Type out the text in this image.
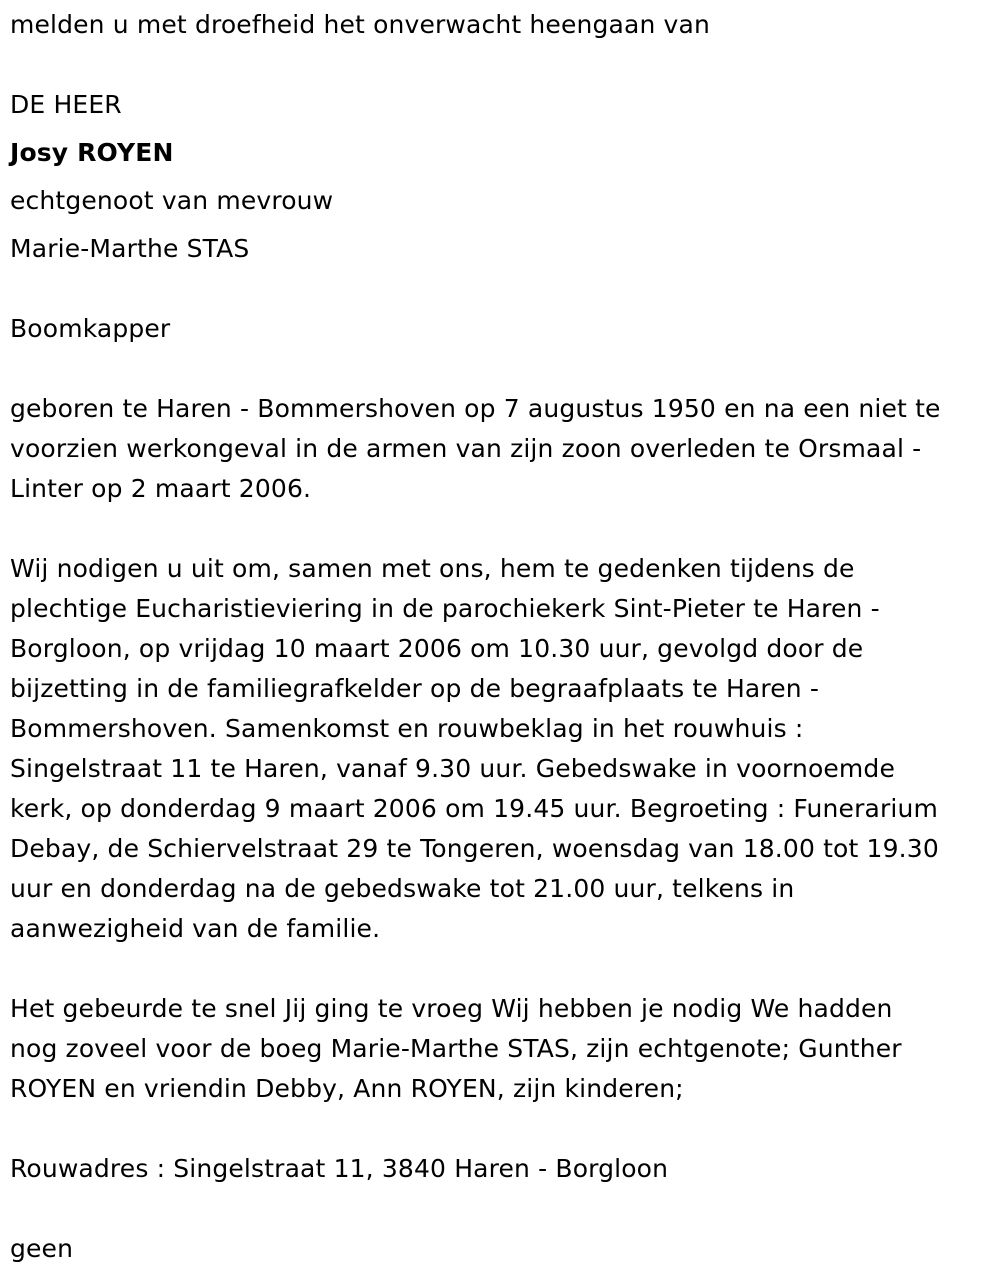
melden u met droefheid het onverwacht heengaan van
DE HEER
Josy ROYEN
echtgenoot van mevrouw
Marie-Marthe STAS
Boomkapper
geboren te Haren - Bommershoven op 7 augustus 1950 en na een niet te
voorzien werkongeval in de armen van zijn zoon overleden te Orsmaal -
Linter op 2 maart 2006.
Wij nodigen u uit om, samen met ons, hem te gedenken tijdens de
plechtige Eucharistieviering in de parochiekerk Sint-Pieter te Haren -
Borgloon, op vrijdag 10 maart 2006 om 10.30 uur, gevolgd door de
bijzetting in de familiegrafkelder op de begraafplaats te Haren -
Bommershoven. Samenkomst en rouwbeklag in het rouwhuis :
Singelstraat 11 te Haren, vanaf 9.30 uur. Gebedswake in voornoemde
kerk, op donderdag 9 maart 2006 om 19.45 uur. Begroeting : Funerarium
Debay, de Schiervelstraat 29 te Tongeren, woensdag van 18.00 tot 19.30
uur en donderdag na de gebedswake tot 21.00 uur, telkens in
aanwezigheid van de familie.
Het gebeurde te snel Jij ging te vroeg Wij hebben je nodig We hadden
nog zoveel voor de boeg Marie-Marthe STAS, zijn echtgenote; Gunther
ROYEN en vriendin Debby, Ann ROYEN, zijn kinderen;
Rouwadres : Singelstraat 11, 3840 Haren - Borgloon
geen
